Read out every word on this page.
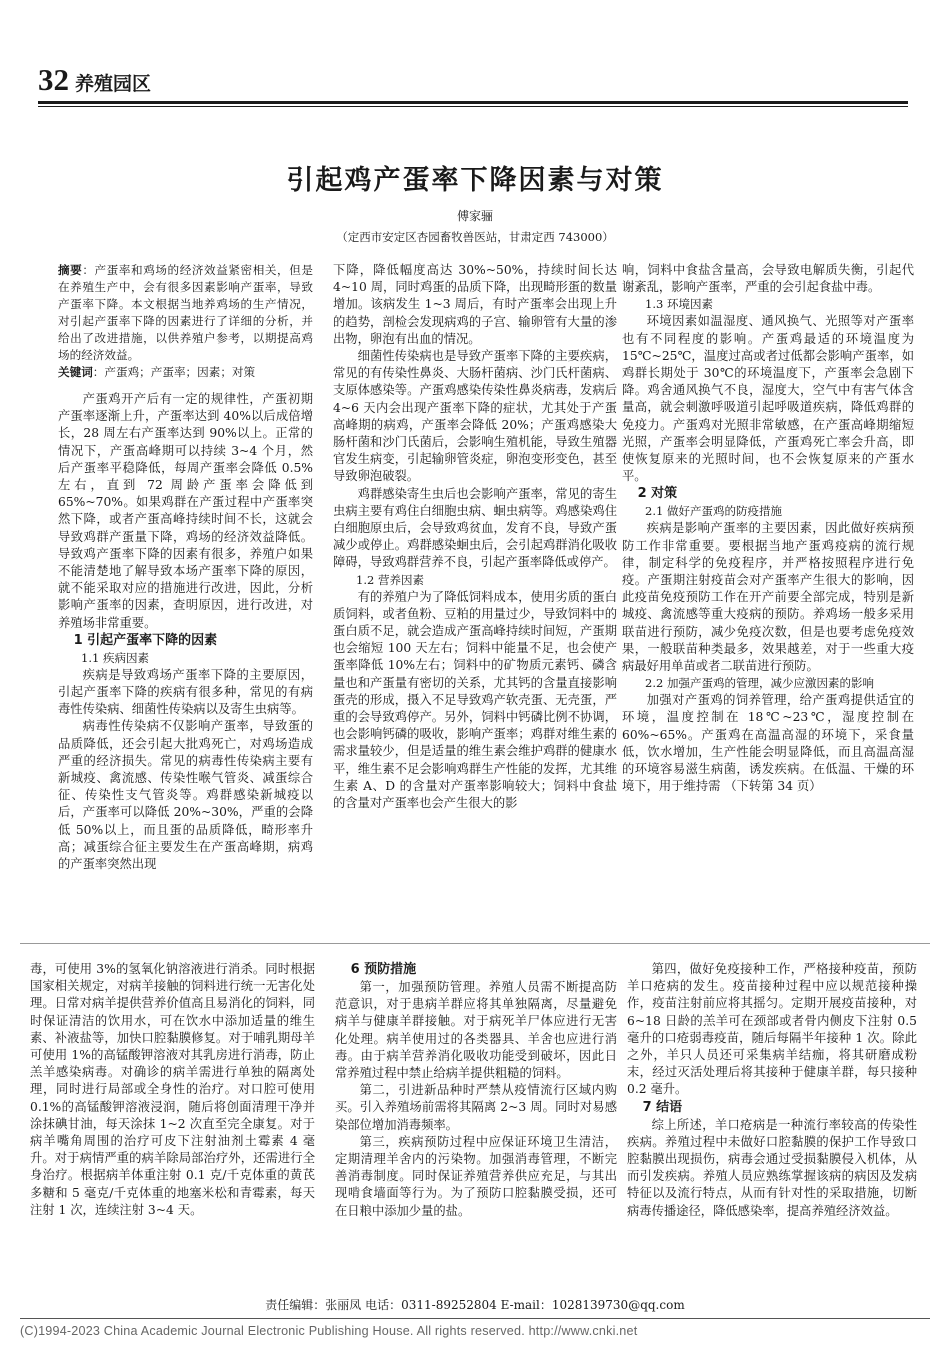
32 养殖园区
引起鸡产蛋率下降因素与对策
傅家骊
（定西市安定区杏园畜牧兽医站，甘肃定西 743000）
摘要：产蛋率和鸡场的经济效益紧密相关，但是在养殖生产中，会有很多因素影响产蛋率，导致产蛋率下降。本文根据当地养鸡场的生产情况，对引起产蛋率下降的因素进行了详细的分析，并给出了改进措施，以供养殖户参考，以期提高鸡场的经济效益。
关键词：产蛋鸡；产蛋率；因素；对策

产蛋鸡开产后有一定的规律性，产蛋初期产蛋率逐渐上升，产蛋率达到 40%以后成倍增长，28 周左右产蛋率达到 90%以上。正常的情况下，产蛋高峰期可以持续 3~4 个月，然后产蛋率平稳降低，每周产蛋率会降低 0.5%左右，直到 72 周龄产蛋率会降低到 65%~70%。如果鸡群在产蛋过程中产蛋率突然下降，或者产蛋高峰持续时间不长，这就会导致鸡群产蛋量下降，鸡场的经济效益降低。导致鸡产蛋率下降的因素有很多，养殖户如果不能清楚地了解导致本场产蛋率下降的原因，就不能采取对应的措施进行改进，因此，分析影响产蛋率的因素，查明原因，进行改进，对养殖场非常重要。

1 引起产蛋率下降的因素
1.1 疾病因素

疾病是导致鸡场产蛋率下降的主要原因，引起产蛋率下降的疾病有很多种，常见的有病毒性传染病、细菌性传染病以及寄生虫病等。

病毒性传染病不仅影响产蛋率，导致蛋的品质降低，还会引起大批鸡死亡，对鸡场造成严重的经济损失。常见的病毒性传染病主要有新城疫、禽流感、传染性喉气管炎、减蛋综合征、传染性支气管炎等。鸡群感染新城疫以后，产蛋率可以降低 20%~30%，严重的会降低 50%以上，而且蛋的品质降低，畸形率升高；减蛋综合征主要发生在产蛋高峰期，病鸡的产蛋率突然出现

下降，降低幅度高达 30%~50%，持续时间长达 4~10 周，同时鸡蛋的品质下降，出现畸形蛋的数量增加。该病发生 1~3 周后，有时产蛋率会出现上升的趋势，剖检会发现病鸡的子宫、输卵管有大量的渗出物，卵泡有出血的情况。

细菌性传染病也是导致产蛋率下降的主要疾病，常见的有传染性鼻炎、大肠杆菌病、沙门氏杆菌病、支原体感染等。产蛋鸡感染传染性鼻炎病毒，发病后 4~6 天内会出现产蛋率下降的症状，尤其处于产蛋高峰期的病鸡，产蛋率会降低 20%；产蛋鸡感染大肠杆菌和沙门氏菌后，会影响生殖机能，导致生殖器官发生病变，引起输卵管炎症，卵泡变形变色，甚至导致卵泡破裂。

鸡群感染寄生虫后也会影响产蛋率，常见的寄生虫病主要有鸡住白细胞虫病、蛔虫病等。鸡感染鸡住白细胞原虫后，会导致鸡贫血，发育不良，导致产蛋减少或停止。鸡群感染蛔虫后，会引起鸡群消化吸收障碍，导致鸡群营养不良，引起产蛋率降低或停产。

1.2 营养因素

有的养殖户为了降低饲料成本，使用劣质的蛋白质饲料，或者鱼粉、豆粕的用量过少，导致饲料中的蛋白质不足，就会造成产蛋高峰持续时间短，产蛋期也会缩短 100 天左右；饲料中能量不足，也会使产蛋率降低 10%左右；饲料中的矿物质元素钙、磷含量也和产蛋量有密切的关系，尤其钙的含量直接影响蛋壳的形成，摄入不足导致鸡产软壳蛋、无壳蛋，严重的会导致鸡停产。另外，饲料中钙磷比例不协调，也会影响钙磷的吸收，影响产蛋率；鸡群对维生素的需求量较少，但是适量的维生素会维护鸡群的健康水平，维生素不足会影响鸡群生产性能的发挥，尤其维生素 A、D 的含量对产蛋率影响较大；饲料中食盐的含量对产蛋率也会产生很大的影

响，饲料中食盐含量高，会导致电解质失衡，引起代谢紊乱，影响产蛋率，严重的会引起食盐中毒。

1.3 环境因素

环境因素如温湿度、通风换气、光照等对产蛋率也有不同程度的影响。产蛋鸡最适的环境温度为 15℃~25℃，温度过高或者过低都会影响产蛋率，如鸡群长期处于 30℃的环境温度下，产蛋率会急剧下降。鸡舍通风换气不良，湿度大，空气中有害气体含量高，就会刺激呼吸道引起呼吸道疾病，降低鸡群的免疫力。产蛋鸡对光照非常敏感，在产蛋高峰期缩短光照，产蛋率会明显降低，产蛋鸡死亡率会升高，即使恢复原来的光照时间，也不会恢复原来的产蛋水平。

2 对策
2.1 做好产蛋鸡的防疫措施

疾病是影响产蛋率的主要因素，因此做好疾病预防工作非常重要。要根据当地产蛋鸡疫病的流行规律，制定科学的免疫程序，并严格按照程序进行免疫。产蛋期注射疫苗会对产蛋率产生很大的影响，因此疫苗免疫预防工作在开产前要全部完成，特别是新城疫、禽流感等重大疫病的预防。养鸡场一般多采用联苗进行预防，减少免疫次数，但是也要考虑免疫效果，一般联苗种类最多，效果越差，对于一些重大疫病最好用单苗或者二联苗进行预防。

2.2 加强产蛋鸡的管理，减少应激因素的影响

加强对产蛋鸡的饲养管理，给产蛋鸡提供适宜的环境，温度控制在 18℃~23℃，湿度控制在 60%~65%。产蛋鸡在高温高湿的环境下，采食量低，饮水增加，生产性能会明显降低，而且高温高湿的环境容易滋生病菌，诱发疾病。在低温、干燥的环境下，用于维持需 （下转第 34 页）

毒，可使用 3%的氢氧化钠溶液进行消杀。同时根据国家相关规定，对病羊接触的饲料进行统一无害化处理。日常对病羊提供营养价值高且易消化的饲料，同时保证清洁的饮用水，可在饮水中添加适量的维生素、补液盐等，加快口腔黏膜修复。对于哺乳期母羊可使用 1%的高锰酸钾溶液对其乳房进行消毒，防止羔羊感染病毒。对确诊的病羊需进行单独的隔离处理，同时进行局部或全身性的治疗。对口腔可使用 0.1%的高锰酸钾溶液浸润，随后将创面清理干净并涂抹碘甘油，每天涂抹 1~2 次直至完全康复。对于病羊嘴角周围的治疗可皮下注射油剂土霉素 4 毫升。对于病情严重的病羊除局部治疗外，还需进行全身治疗。根据病羊体重注射 0.1 克/千克体重的黄芪多糖和 5 毫克/千克体重的地塞米松和青霉素，每天注射 1 次，连续注射 3~4 天。

6 预防措施

第一，加强预防管理。养殖人员需不断提高防范意识，对于患病羊群应将其单独隔离，尽量避免病羊与健康羊群接触。对于病死羊尸体应进行无害化处理。病羊使用过的各类器具、羊舍也应进行消毒。由于病羊营养消化吸收功能受到破坏，因此日常养殖过程中禁止给病羊提供粗糙的饲料。

第二，引进新品种时严禁从疫情流行区域内购买。引入养殖场前需将其隔离 2~3 周。同时对易感染部位增加消毒频率。

第三，疾病预防过程中应保证环境卫生清洁，定期清理羊舍内的污染物。加强消毒管理，不断完善消毒制度。同时保证养殖营养供应充足，与其出现啃食墙面等行为。为了预防口腔黏膜受损，还可在日粮中添加少量的盐。

第四，做好免疫接种工作，严格接种疫苗，预防羊口疮病的发生。疫苗接种过程中应以规范接种操作，疫苗注射前应将其摇匀。定期开展疫苗接种，对 6~18 日龄的羔羊可在颈部或者骨内侧皮下注射 0.5 毫升的口疮弱毒疫苗，随后每隔半年接种 1 次。除此之外，羊只人员还可采集病羊结痂，将其研磨成粉末，经过灭活处理后将其接种于健康羊群，每只接种 0.2 毫升。

7 结语

综上所述，羊口疮病是一种流行率较高的传染性疾病。养殖过程中未做好口腔黏膜的保护工作导致口腔黏膜出现损伤，病毒会通过受损黏膜侵入机体，从而引发疾病。养殖人员应熟练掌握该病的病因及发病特征以及流行特点，从而有针对性的采取措施，切断病毒传播途径，降低感染率，提高养殖经济效益。

责任编辑：张丽凤 电话：0311-89252804 E-mail：1028139730@qq.com
(C)1994-2023 China Academic Journal Electronic Publishing House. All rights reserved. http://www.cnki.net
